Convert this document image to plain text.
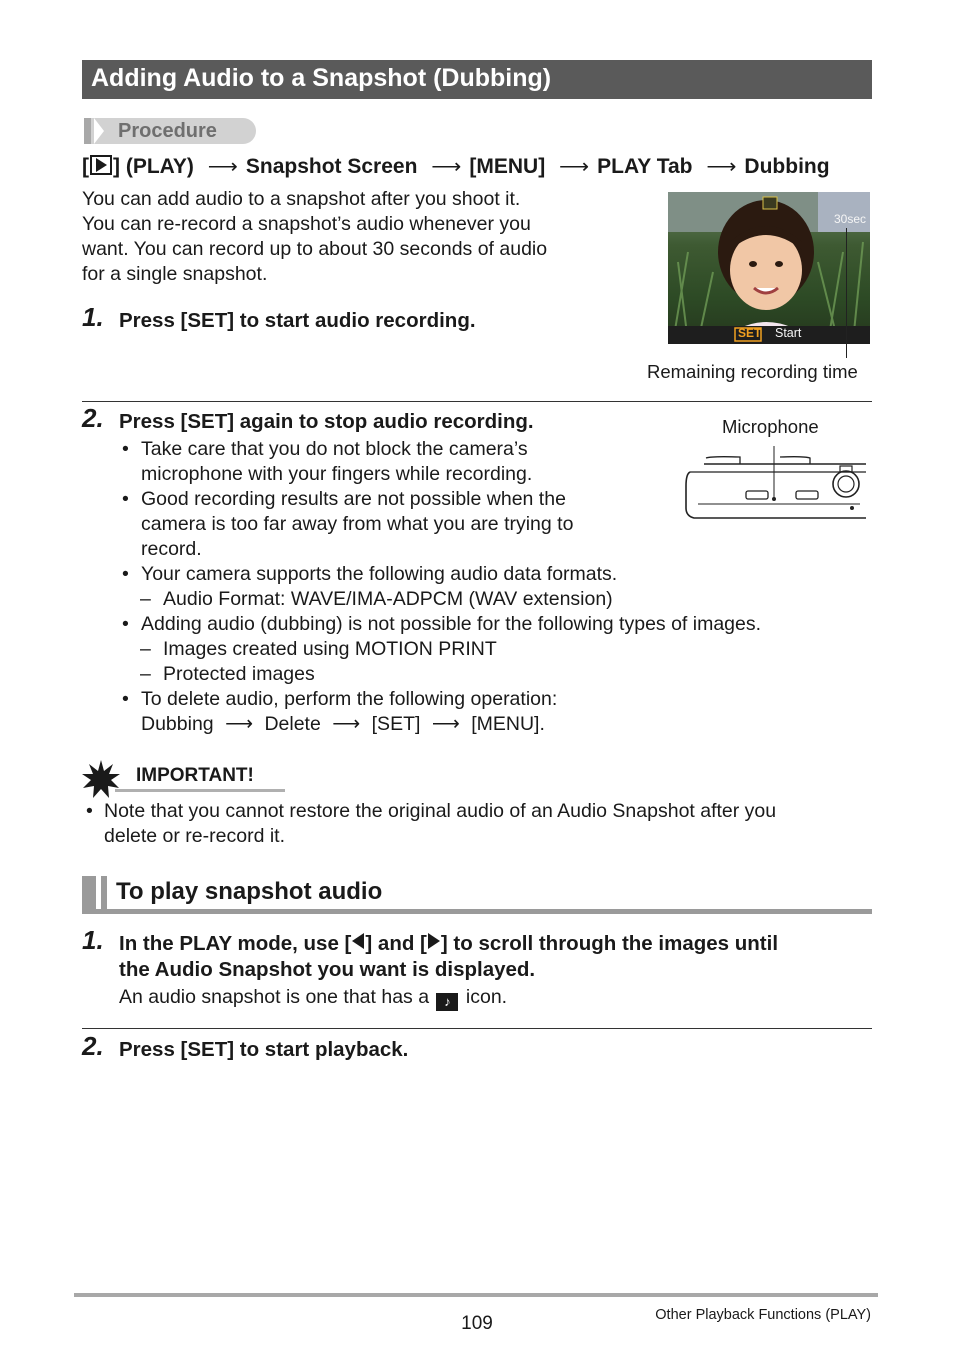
Adding Audio to a Snapshot (Dubbing)
Procedure
[ ] (PLAY) ⟶ Snapshot Screen ⟶ [MENU] ⟶ PLAY Tab ⟶ Dubbing

You can add audio to a snapshot after you shoot it.

You can re-record a snapshot’s audio whenever you

want. You can record up to about 30 seconds of audio

for a single snapshot.

SET Start
30sec
Remaining recording time
1. Press [SET] to start audio recording.
2. Press [SET] again to stop audio recording.	Microphone
• Take care that you do not block the camera’s
microphone with your fingers while recording.
• Good recording results are not possible when the
camera is too far away from what you are trying to
record.
• Your camera supports the following audio data formats.
– Audio Format: WAVE/IMA-ADPCM (WAV extension)
• Adding audio (dubbing) is not possible for the following types of images.
– Images created using MOTION PRINT
– Protected images
• To delete audio, perform the following operation:
Dubbing ⟶ Delete ⟶ [SET] ⟶ [MENU].
IMPORTANT!
• Note that you cannot restore the original audio of an Audio Snapshot after you
delete or re-record it.
To play snapshot audio
1. In the PLAY mode, use [ ] and [ ] to scroll through the images until
the Audio Snapshot you want is displayed.
An audio snapshot is one that has a ♪ icon.
2. Press [SET] to start playback.
109	Other Playback Functions (PLAY)
